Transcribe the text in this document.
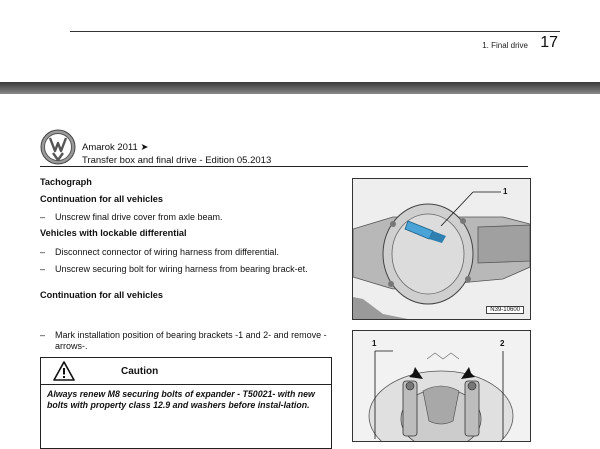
1. Final drive 17
Amarok 2011 ➤
Transfer box and final drive - Edition 05.2013
Tachograph
Continuation for all vehicles
– Unscrew final drive cover from axle beam.
Vehicles with lockable differential
– Disconnect connector of wiring harness from differential.
– Unscrew securing bolt for wiring harness from bearing brack-et.
Continuation for all vehicles
– Mark installation position of bearing brackets -1 and 2- and remove -arrows-.
Caution
Always renew M8 securing bolts of expander - T50021- with new bolts with property class 12.9 and washers before instal-lation.
1
N39-10600
1	2
